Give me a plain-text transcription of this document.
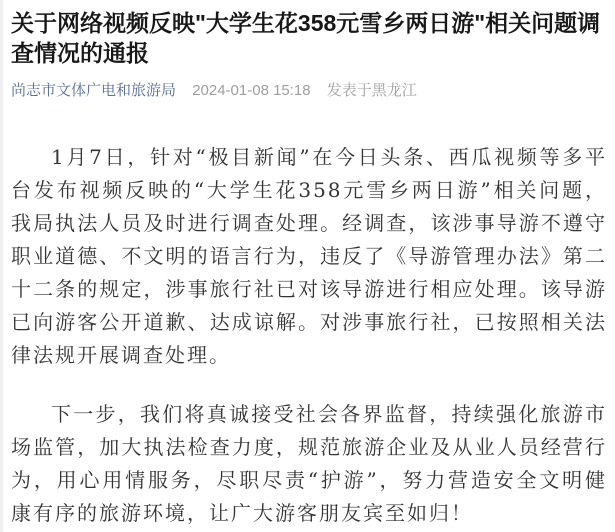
关于网络视频反映"大学生花358元雪乡两日游"相关问题调查情况的通报
尚志市文体广电和旅游局 2024-01-08 15:18 发表于黑龙江

1月7日，针对“极目新闻”在今日头条、西瓜视频等多平台发布视频反映的“大学生花358元雪乡两日游”相关问题，我局执法人员及时进行调查处理。经调查，该涉事导游不遵守职业道德、不文明的语言行为，违反了《导游管理办法》第二十二条的规定，涉事旅行社已对该导游进行相应处理。该导游已向游客公开道歉、达成谅解。对涉事旅行社，已按照相关法律法规开展调查处理。

下一步，我们将真诚接受社会各界监督，持续强化旅游市场监管，加大执法检查力度，规范旅游企业及从业人员经营行为，用心用情服务，尽职尽责“护游”，努力营造安全文明健康有序的旅游环境，让广大游客朋友宾至如归！
